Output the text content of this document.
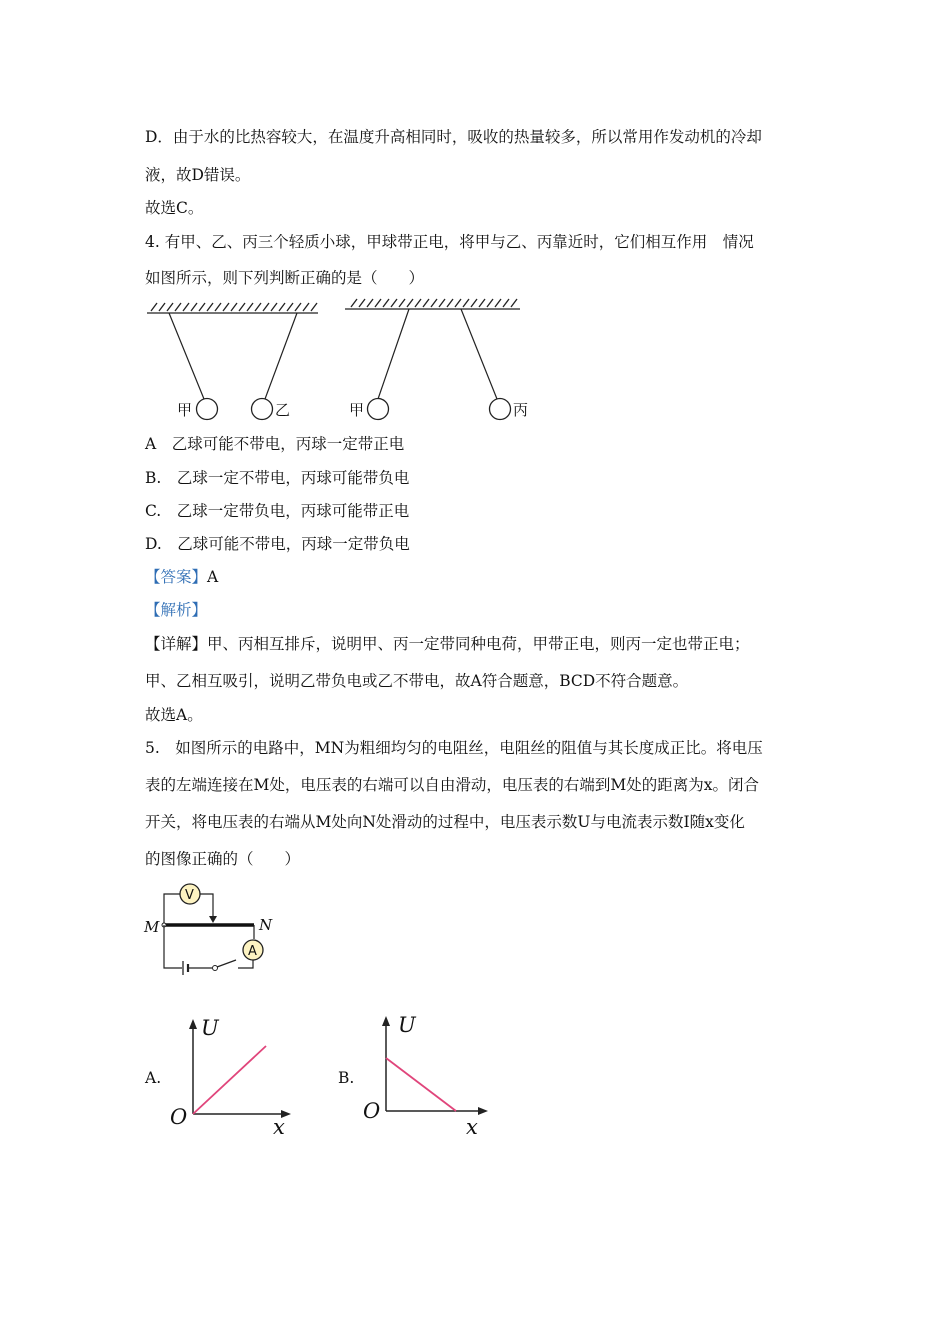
D．由于水的比热容较大，在温度升高相同时，吸收的热量较多，所以常用作发动机的冷却
液，故D错误。
故选C。
4. 有甲、乙、丙三个轻质小球，甲球带正电，将甲与乙、丙靠近时，它们相互作用　情况
如图所示，则下列判断正确的是（　　）
甲	乙	甲	丙
A　乙球可能不带电，丙球一定带正电
B.　乙球一定不带电，丙球可能带负电
C.　乙球一定带负电，丙球可能带正电
D.　乙球可能不带电，丙球一定带负电
【答案】A
【解析】
【详解】甲、丙相互排斥，说明甲、丙一定带同种电荷，甲带正电，则丙一定也带正电；
甲、乙相互吸引，说明乙带负电或乙不带电，故A符合题意，BCD不符合题意。
故选A。
5.　如图所示的电路中，MN为粗细均匀的电阻丝，电阻丝的阻值与其长度成正比。将电压
表的左端连接在M处，电压表的右端可以自由滑动，电压表的右端到M处的距离为x。闭合
开关，将电压表的右端从M处向N处滑动的过程中，电压表示数U与电流表示数I随x变化
的图像正确的（　　）
V
M	N
A
A.
U
x
O
B.
U
x
O
